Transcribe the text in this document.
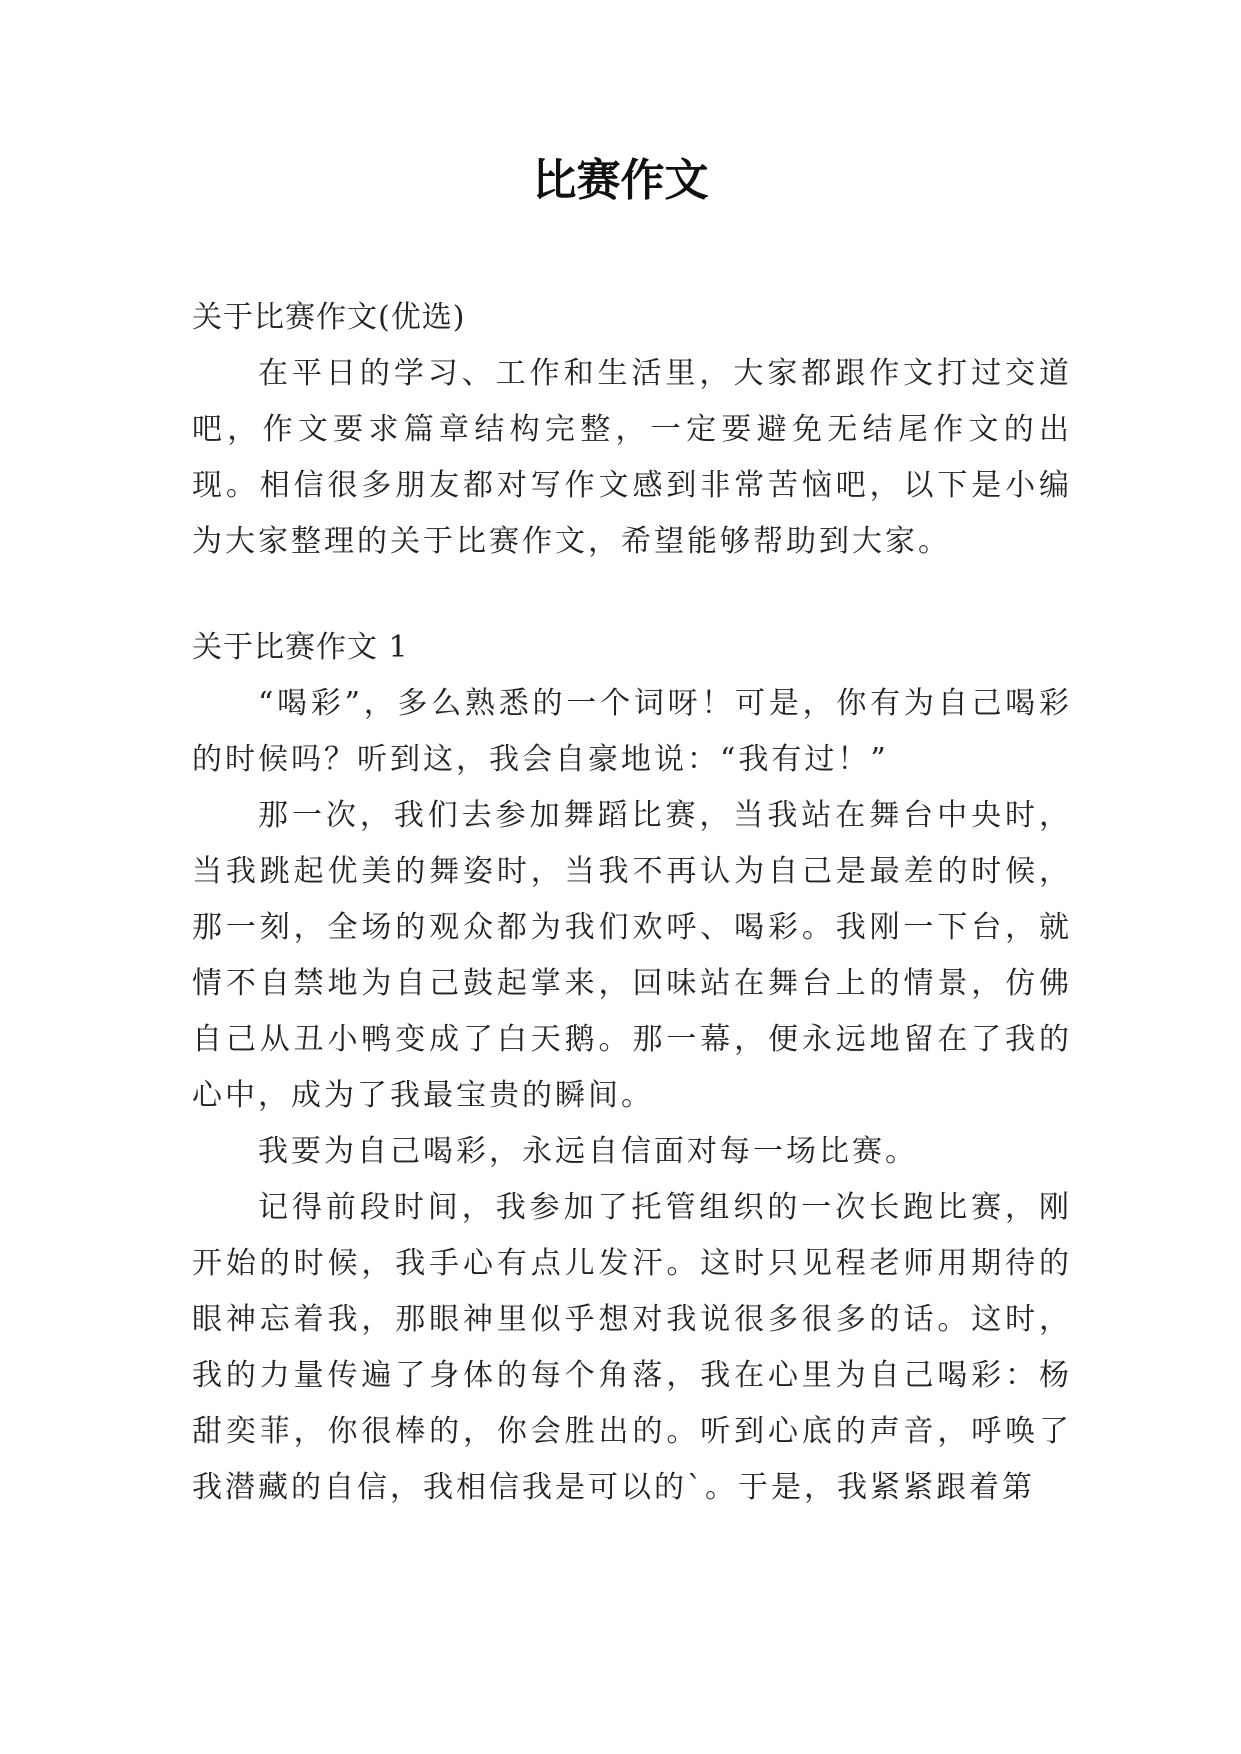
比赛作文

关于比赛作文(优选)

在平日的学习、工作和生活里，大家都跟作文打过交道吧，作文要求篇章结构完整，一定要避免无结尾作文的出现。相信很多朋友都对写作文感到非常苦恼吧，以下是小编为大家整理的关于比赛作文，希望能够帮助到大家。

关于比赛作文 1

“喝彩”，多么熟悉的一个词呀！可是，你有为自己喝彩的时候吗？听到这，我会自豪地说：“我有过！”

那一次，我们去参加舞蹈比赛，当我站在舞台中央时，当我跳起优美的舞姿时，当我不再认为自己是最差的时候，那一刻，全场的观众都为我们欢呼、喝彩。我刚一下台，就情不自禁地为自己鼓起掌来，回味站在舞台上的情景，仿佛自己从丑小鸭变成了白天鹅。那一幕，便永远地留在了我的心中，成为了我最宝贵的瞬间。

我要为自己喝彩，永远自信面对每一场比赛。

记得前段时间，我参加了托管组织的一次长跑比赛，刚开始的时候，我手心有点儿发汗。这时只见程老师用期待的眼神忘着我，那眼神里似乎想对我说很多很多的话。这时，我的力量传遍了身体的每个角落，我在心里为自己喝彩：杨甜奕菲，你很棒的，你会胜出的。听到心底的声音，呼唤了我潜藏的自信，我相信我是可以的`。于是，我紧紧跟着第
